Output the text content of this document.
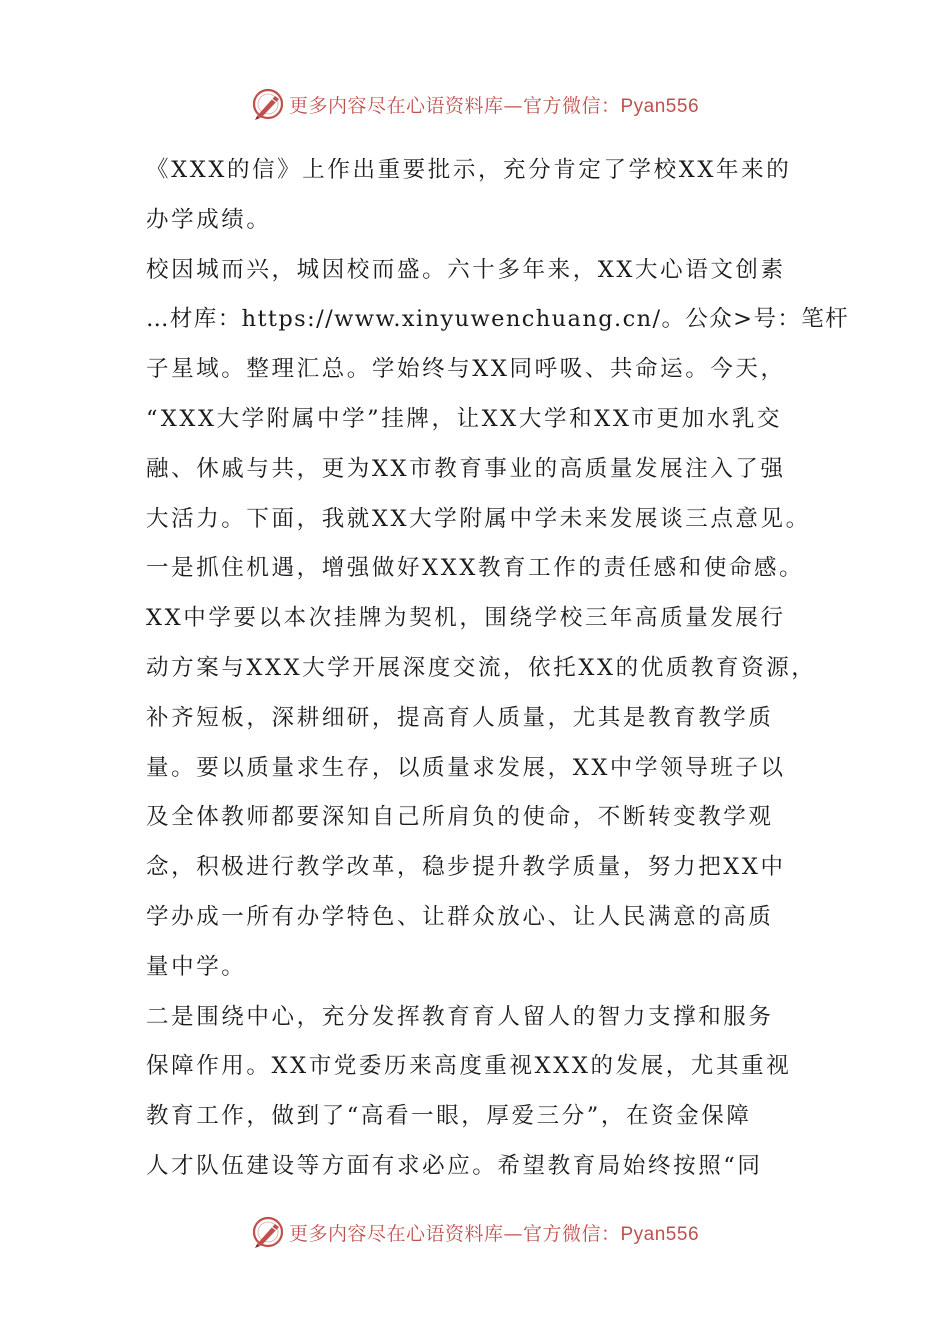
更多内容尽在心语资料库—官方微信：Pyan556
《XXX的信》上作出重要批示，充分肯定了学校XX年来的
办学成绩。
校因城而兴，城因校而盛。六十多年来，XX大心语文创素
…材库：https://www.xinyuwenchuang.cn/。公众>号：笔杆
子星域。整理汇总。学始终与XX同呼吸、共命运。今天，
“XXX大学附属中学”挂牌，让XX大学和XX市更加水乳交
融、休戚与共，更为XX市教育事业的高质量发展注入了强
大活力。下面，我就XX大学附属中学未来发展谈三点意见。
一是抓住机遇，增强做好XXX教育工作的责任感和使命感。
XX中学要以本次挂牌为契机，围绕学校三年高质量发展行
动方案与XXX大学开展深度交流，依托XX的优质教育资源，
补齐短板，深耕细研，提高育人质量，尤其是教育教学质
量。要以质量求生存，以质量求发展，XX中学领导班子以
及全体教师都要深知自己所肩负的使命，不断转变教学观
念，积极进行教学改革，稳步提升教学质量，努力把XX中
学办成一所有办学特色、让群众放心、让人民满意的高质
量中学。
二是围绕中心，充分发挥教育育人留人的智力支撑和服务
保障作用。XX市党委历来高度重视XXX的发展，尤其重视
教育工作，做到了“高看一眼，厚爱三分”，在资金保障
人才队伍建设等方面有求必应。希望教育局始终按照“同
更多内容尽在心语资料库—官方微信：Pyan556
